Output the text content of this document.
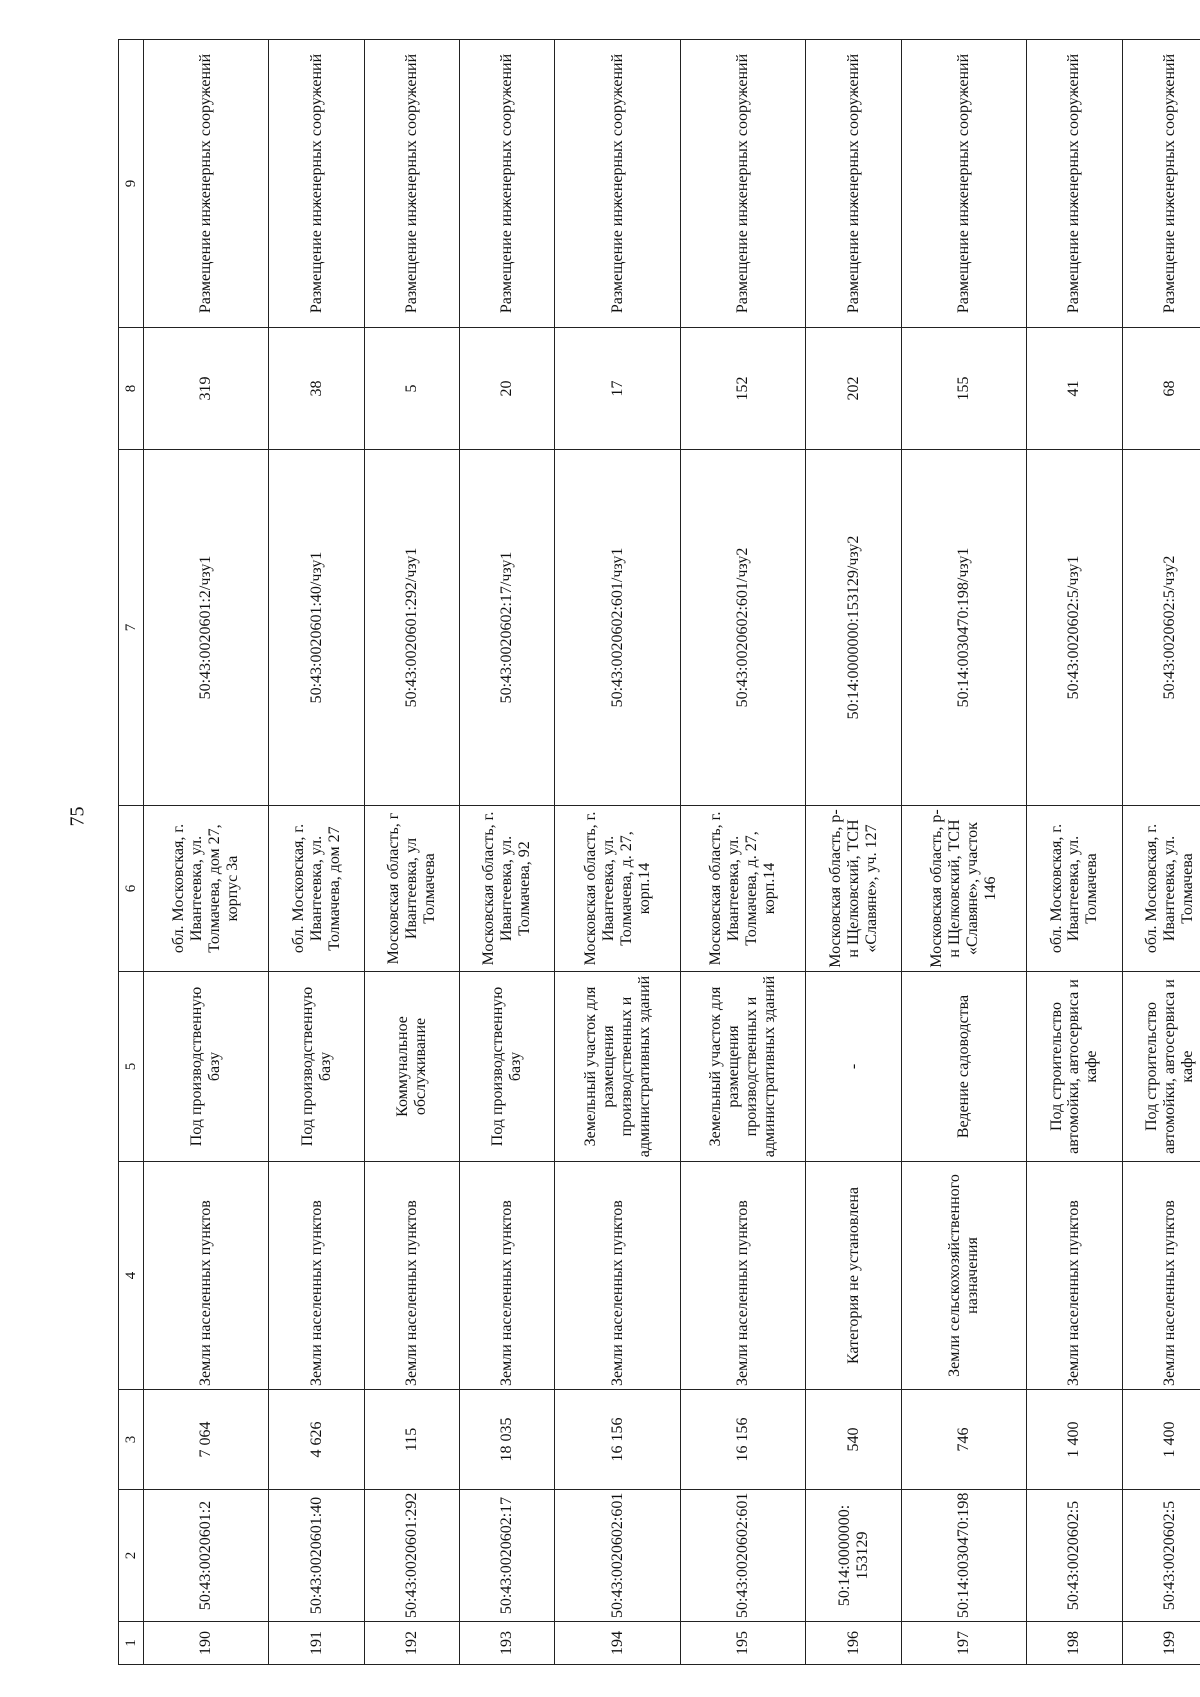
75
1	2	3	4	5	6	7	8	9
190	50:43:0020601:2	7 064	Земли населенных пунктов	Под производственную базу	обл. Московская, г. Ивантеевка, ул. Толмачева, дом 27, корпус 3а	50:43:0020601:2/чзу1	319	Размещение инженерных сооружений
191	50:43:0020601:40	4 626	Земли населенных пунктов	Под производственную базу	обл. Московская, г. Ивантеевка, ул. Толмачева, дом 27	50:43:0020601:40/чзу1	38	Размещение инженерных сооружений
192	50:43:0020601:292	115	Земли населенных пунктов	Коммунальное обслуживание	Московская область, г Ивантеевка, ул Толмачева	50:43:0020601:292/чзу1	5	Размещение инженерных сооружений
193	50:43:0020602:17	18 035	Земли населенных пунктов	Под производственную базу	Московская область, г. Ивантеевка, ул. Толмачева, 92	50:43:0020602:17/чзу1	20	Размещение инженерных сооружений
194	50:43:0020602:601	16 156	Земли населенных пунктов	Земельный участок для размещения производственных и административных зданий	Московская область, г. Ивантеевка, ул. Толмачева, д. 27, корп.14	50:43:0020602:601/чзу1	17	Размещение инженерных сооружений
195	50:43:0020602:601	16 156	Земли населенных пунктов	Земельный участок для размещения производственных и административных зданий	Московская область, г. Ивантеевка, ул. Толмачева, д. 27, корп.14	50:43:0020602:601/чзу2	152	Размещение инженерных сооружений
196	50:14:0000000: 153129	540	Категория не установлена	-	Московская область, р-н Щелковский, ТСН «Славяне», уч. 127	50:14:0000000:153129/чзу2	202	Размещение инженерных сооружений
197	50:14:0030470:198	746	Земли сельскохозяйственного назначения	Ведение садоводства	Московская область, р-н Щелковский, ТСН «Славяне», участок 146	50:14:0030470:198/чзу1	155	Размещение инженерных сооружений
198	50:43:0020602:5	1 400	Земли населенных пунктов	Под строительство автомойки, автосервиса и кафе	обл. Московская, г. Ивантеевка, ул. Толмачева	50:43:0020602:5/чзу1	41	Размещение инженерных сооружений
199	50:43:0020602:5	1 400	Земли населенных пунктов	Под строительство автомойки, автосервиса и кафе	обл. Московская, г. Ивантеевка, ул. Толмачева	50:43:0020602:5/чзу2	68	Размещение инженерных сооружений
